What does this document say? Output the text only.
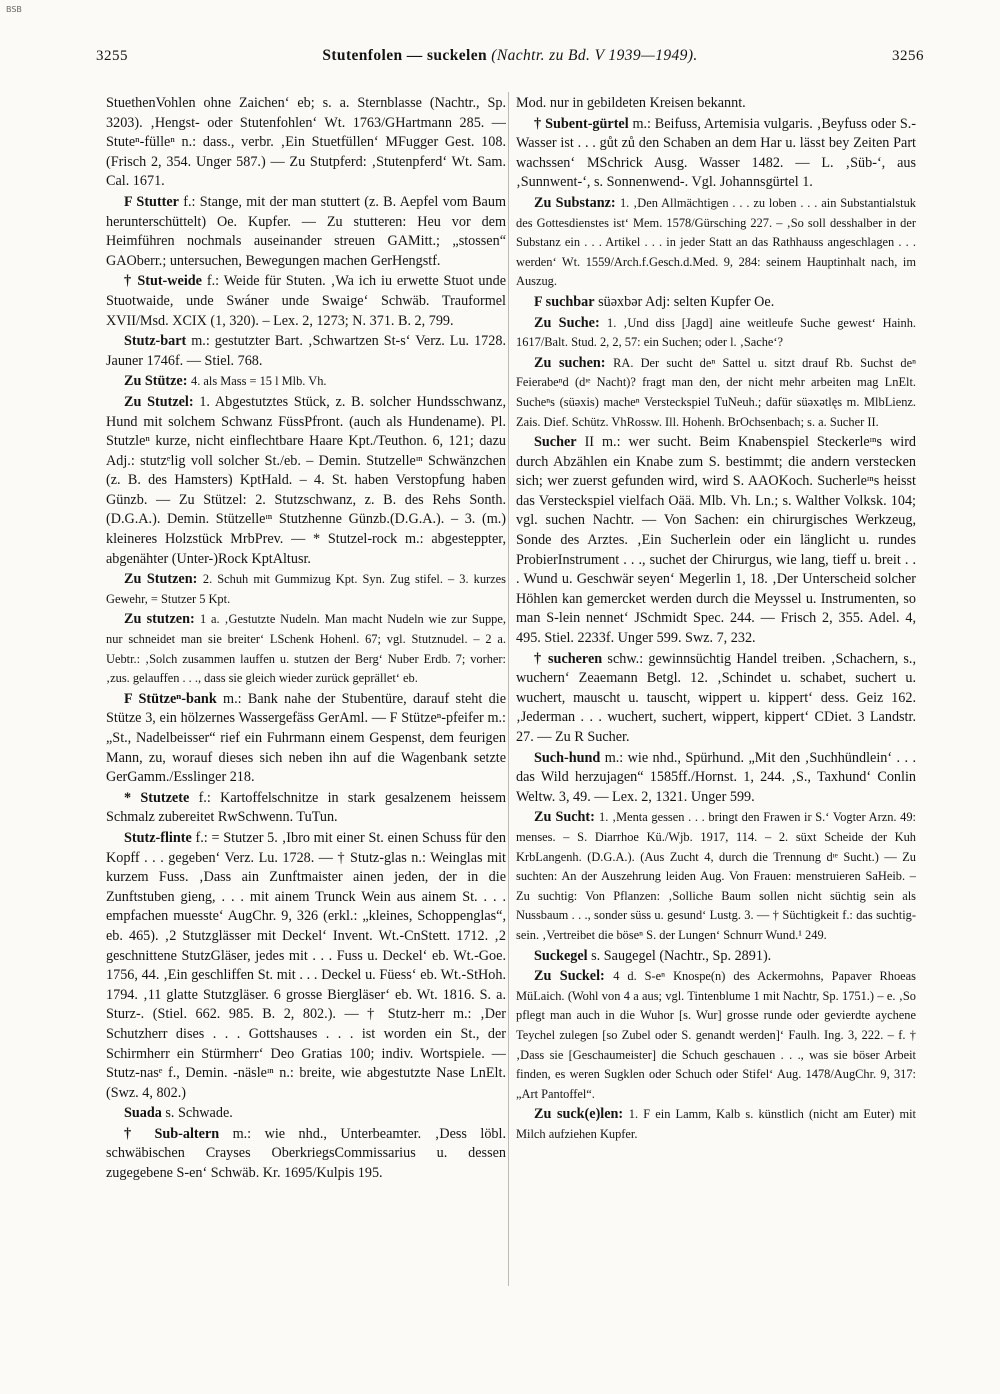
BSB
3255	Stutenfolen — suckelen (Nachtr. zu Bd. V 1939—1949).	3256

StuethenVohlen ohne Zaichen‘ eb; s. a. Sternblasse (Nachtr., Sp. 3203). ‚Hengst- oder Stutenfohlen‘ Wt. 1763/GHartmann 285. — Stuteⁿ-fülleⁿ n.: dass., verbr. ‚Ein Stuetfüllen‘ MFugger Gest. 108. (Frisch 2, 354. Unger 587.) — Zu Stutpferd: ‚Stutenpferd‘ Wt. Sam. Cal. 1671.

F Stutter f.: Stange, mit der man stuttert (z. B. Aepfel vom Baum herunterschüttelt) Oe. Kupfer. — Zu stutteren: Heu vor dem Heimführen nochmals auseinander streuen GAMitt.; „stossen“ GAOberr.; untersuchen, Bewegungen machen GerHengstf.

† Stut-weide f.: Weide für Stuten. ‚Wa ich iu erwette Stuot unde Stuotwaide, unde Swáner unde Swaige‘ Schwäb. Trauformel XVII/Msd. XCIX (1, 320). – Lex. 2, 1273; N. 371. B. 2, 799.

Stutz-bart m.: gestutzter Bart. ‚Schwartzen St-s‘ Verz. Lu. 1728. Jauner 1746f. — Stiel. 768.

Zu Stütze: 4. als Mass = 15 l Mlb. Vh.

Zu Stutzel: 1. Abgestutztes Stück, z. B. solcher Hundsschwanz, Hund mit solchem Schwanz FüssPfront. (auch als Hundename). Pl. Stutzleⁿ kurze, nicht einflechtbare Haare Kpt./Teuthon. 6, 121; dazu Adj.: stutzᵉlig voll solcher St./eb. – Demin. Stutzelleᶦⁿ Schwänzchen (z. B. des Hamsters) KptHald. – 4. St. haben Verstopfung haben Günzb. — Zu Stützel: 2. Stutzschwanz, z. B. des Rehs Sonth.(D.G.A.). Demin. Stützelleᶦⁿ Stutzhenne Günzb.(D.G.A.). – 3. (m.) kleineres Holzstück MrbPrev. — * Stutzel-rock m.: abgesteppter, abgenähter (Unter-)Rock KptAltusr.

Zu Stutzen: 2. Schuh mit Gummizug Kpt. Syn. Zug stifel. – 3. kurzes Gewehr, = Stutzer 5 Kpt.

Zu stutzen: 1 a. ‚Gestutzte Nudeln. Man macht Nudeln wie zur Suppe, nur schneidet man sie breiter‘ LSchenk Hohenl. 67; vgl. Stutznudel. – 2 a. Uebtr.: ‚Solch zusammen lauffen u. stutzen der Berg‘ Nuber Erdb. 7; vorher: ‚zus. gelauffen . . ., dass sie gleich wieder zurück geprället‘ eb.

F Stützeⁿ-bank m.: Bank nahe der Stubentüre, darauf steht die Stütze 3, ein hölzernes Wassergefäss GerAml. — F Stützeⁿ-pfeifer m.: „St., Nadelbeisser“ rief ein Fuhrmann einem Gespenst, dem feurigen Mann, zu, worauf dieses sich neben ihn auf die Wagenbank setzte GerGamm./Esslinger 218.

* Stutzete f.: Kartoffelschnitze in stark gesalzenem heissem Schmalz zubereitet RwSchwenn. TuTun.

Stutz-flinte f.: = Stutzer 5. ‚Ibro mit einer St. einen Schuss für den Kopff . . . gegeben‘ Verz. Lu. 1728. — † Stutz-glas n.: Weinglas mit kurzem Fuss. ‚Dass ain Zunftmaister ainen jeden, der in die Zunftstuben gieng, . . . mit ainem Trunck Wein aus ainem St. . . . empfachen muesste‘ AugChr. 9, 326 (erkl.: „kleines, Schoppenglas“, eb. 465). ‚2 Stutzglässer mit Deckel‘ Invent. Wt.-CnStett. 1712. ‚2 geschnittene StutzGläser, jedes mit . . . Fuss u. Deckel‘ eb. Wt.-Goe. 1756, 44. ‚Ein geschliffen St. mit . . . Deckel u. Füess‘ eb. Wt.-StHoh. 1794. ‚11 glatte Stutzgläser. 6 grosse Biergläser‘ eb. Wt. 1816. S. a. Sturz-. (Stiel. 662. 985. B. 2, 802.). — † Stutz-herr m.: ‚Der Schutzherr dises . . . Gottshauses . . . ist worden ein St., der Schirmherr ein Stürmherr‘ Deo Gratias 100; indiv. Wortspiele. — Stutz-nasᵉ f., Demin. -näsleᶦⁿ n.: breite, wie abgestutzte Nase LnElt. (Swz. 4, 802.)

Suada s. Schwade.

† Sub-altern m.: wie nhd., Unterbeamter. ‚Dess löbl. schwäbischen Crayses OberkriegsCommissarius u. dessen zugegebene S-en‘ Schwäb. Kr. 1695/Kulpis 195.

Mod. nur in gebildeten Kreisen bekannt.

† Subent-gürtel m.: Beifuss, Artemisia vulgaris. ‚Beyfuss oder S.-Wasser ist . . . gůt zů den Schaben an dem Har u. lässt bey Zeiten Part wachssen‘ MSchrick Ausg. Wasser 1482. — L. ‚Süb-‘, aus ‚Sunnwent-‘, s. Sonnenwend-. Vgl. Johannsgürtel 1.

Zu Substanz: 1. ‚Den Allmächtigen . . . zu loben . . . ain Substantialstuk des Gottesdienstes ist‘ Mem. 1578/Gürsching 227. – ‚So soll desshalber in der Substanz ein . . . Artikel . . . in jeder Statt an das Rathhauss angeschlagen . . . werden‘ Wt. 1559/Arch.f.Gesch.d.Med. 9, 284: seinem Hauptinhalt nach, im Auszug.

F suchbar süəxbər Adj: selten Kupfer Oe.

Zu Suche: 1. ‚Und diss [Jagd] aine weitleufe Suche gewest‘ Hainh. 1617/Balt. Stud. 2, 2, 57: ein Suchen; oder l. ‚Sache‘?

Zu suchen: RA. Der sucht deⁿ Sattel u. sitzt drauf Rb. Suchst deⁿ Feierabeⁿd (dᶦᵉ Nacht)? fragt man den, der nicht mehr arbeiten mag LnElt. Sucheⁿs (süəxis) macheⁿ Versteckspiel TuNeuh.; dafür süəxətlęs m. MlbLienz. Zais. Dief. Schütz. VhRossw. Ill. Hohenh. BrOchsenbach; s. a. Sucher II.

Sucher II m.: wer sucht. Beim Knabenspiel Steckerleᶦⁿs wird durch Abzählen ein Knabe zum S. bestimmt; die andern verstecken sich; wer zuerst gefunden wird, wird S. AAOKoch. Sucherleᶦⁿs heisst das Versteckspiel vielfach Oää. Mlb. Vh. Ln.; s. Walther Volksk. 104; vgl. suchen Nachtr. — Von Sachen: ein chirurgisches Werkzeug, Sonde des Arztes. ‚Ein Sucherlein oder ein länglicht u. rundes ProbierInstrument . . ., suchet der Chirurgus, wie lang, tieff u. breit . . . Wund u. Geschwär seyen‘ Megerlin 1, 18. ‚Der Unterscheid solcher Höhlen kan gemercket werden durch die Meyssel u. Instrumenten, so man S-lein nennet‘ JSchmidt Spec. 244. — Frisch 2, 355. Adel. 4, 495. Stiel. 2233f. Unger 599. Swz. 7, 232.

† sucheren schw.: gewinnsüchtig Handel treiben. ‚Schachern, s., wuchern‘ Zeaemann Betgl. 12. ‚Schindet u. schabet, suchert u. wuchert, mauscht u. tauscht, wippert u. kippert‘ dess. Geiz 162. ‚Jederman . . . wuchert, suchert, wippert, kippert‘ CDiet. 3 Landstr. 27. — Zu R Sucher.

Such-hund m.: wie nhd., Spürhund. „Mit den ‚Suchhündlein‘ . . . das Wild herzujagen“ 1585ff./Hornst. 1, 244. ‚S., Taxhund‘ Conlin Weltw. 3, 49. — Lex. 2, 1321. Unger 599.

Zu Sucht: 1. ‚Menta gessen . . . bringt den Frawen ir S.‘ Vogter Arzn. 49: menses. – S. Diarrhoe Kü./Wjb. 1917, 114. – 2. süxt Scheide der Kuh KrbLangenh. (D.G.A.). (Aus Zucht 4, durch die Trennung dᶦᵉ Sucht.) — Zu suchten: An der Auszehrung leiden Aug. Von Frauen: menstruieren SaHeib. – Zu suchtig: Von Pflanzen: ‚Solliche Baum sollen nicht süchtig sein als Nussbaum . . ., sonder süss u. gesund‘ Lustg. 3. — † Süchtigkeit f.: das suchtig-sein. ‚Vertreibet die böseⁿ S. der Lungen‘ Schnurr Wund.¹ 249.

Suckegel s. Saugegel (Nachtr., Sp. 2891).

Zu Suckel: 4 d. S-eⁿ Knospe(n) des Ackermohns, Papaver Rhoeas MüLaich. (Wohl von 4 a aus; vgl. Tintenblume 1 mit Nachtr, Sp. 1751.) – e. ‚So pflegt man auch in die Wuhor [s. Wur] grosse runde oder gevierdte aychene Teychel zulegen [so Zubel oder S. genandt werden]‘ Faulh. Ing. 3, 222. – f. † ‚Dass sie [Geschaumeister] die Schuch geschauen . . ., was sie böser Arbeit finden, es weren Sugklen oder Schuch oder Stifel‘ Aug. 1478/AugChr. 9, 317: „Art Pantoffel“.

Zu suck(e)len: 1. F ein Lamm, Kalb s. künstlich (nicht am Euter) mit Milch aufziehen Kupfer.
